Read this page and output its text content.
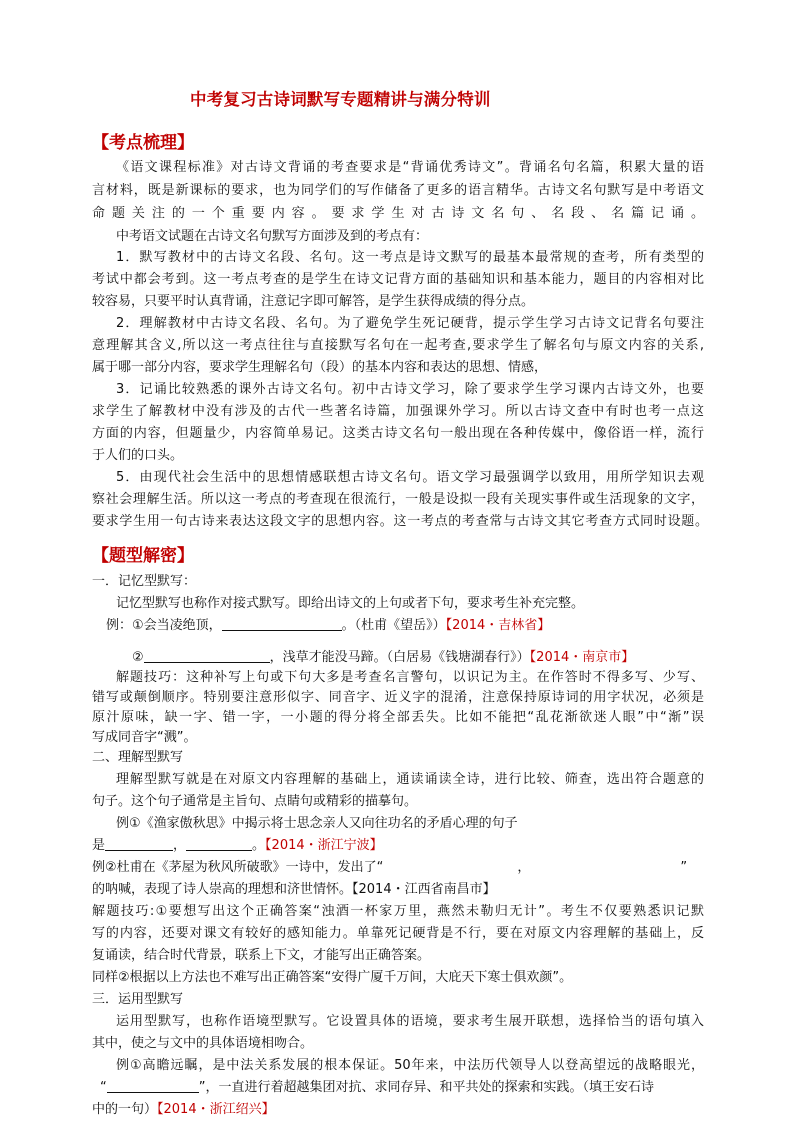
中考复习古诗词默写专题精讲与满分特训
【考点梳理】
《语文课程标准》对古诗文背诵的考查要求是“背诵优秀诗文”。背诵名句名篇，积累大量的语
言材料，既是新课标的要求，也为同学们的写作储备了更多的语言精华。古诗文名句默写是中考语文
命题关注的一个重要内容。要求学生对古诗文名句、名段、名篇记诵。
中考语文试题在古诗文名句默写方面涉及到的考点有：
1．默写教材中的古诗文名段、名句。这一考点是诗文默写的最基本最常规的查考，所有类型的
考试中都会考到。这一考点考查的是学生在诗文记背方面的基础知识和基本能力，题目的内容相对比
较容易，只要平时认真背诵，注意记字即可解答，是学生获得成绩的得分点。
2．理解教材中古诗文名段、名句。为了避免学生死记硬背，提示学生学习古诗文记背名句要注
意理解其含义,所以这一考点往往与直接默写名句在一起考查,要求学生了解名句与原文内容的关系,
属于哪一部分内容，要求学生理解名句（段）的基本内容和表达的思想、情感，
3．记诵比较熟悉的课外古诗文名句。初中古诗文学习，除了要求学生学习课内古诗文外，也要
求学生了解教材中没有涉及的古代一些著名诗篇，加强课外学习。所以古诗文查中有时也考一点这
方面的内容，但题量少，内容简单易记。这类古诗文名句一般出现在各种传媒中，像俗语一样，流行
于人们的口头。
5．由现代社会生活中的思想情感联想古诗文名句。语文学习最强调学以致用，用所学知识去观
察社会理解生活。所以这一考点的考查现在很流行，一般是设拟一段有关现实事件或生活现象的文字，
要求学生用一句古诗来表达这段文字的思想内容。这一考点的考查常与古诗文其它考查方式同时设题。
【题型解密】
一．记忆型默写：
记忆型默写也称作对接式默写。即给出诗文的上句或者下句，要求考生补充完整。
例：①会当凌绝顶，	。（杜甫《望岳》）【2014・吉林省】
②	，浅草才能没马蹄。（白居易《钱塘湖春行》）【2014・南京市】
解题技巧：这种补写上句或下句大多是考查名言警句，以识记为主。在作答时不得多写、少写、
错写或颠倒顺序。特别要注意形似字、同音字、近义字的混淆，注意保持原诗词的用字状况，必须是
原汁原味，缺一字、错一字，一小题的得分将全部丢失。比如不能把“乱花渐欲迷人眼”中“渐”误
写成同音字“溅”。
二、理解型默写
理解型默写就是在对原文内容理解的基础上，通读诵读全诗，进行比较、筛查，选出符合题意的
句子。这个句子通常是主旨句、点睛句或精彩的描摹句。
例①《渔家傲秋思》中揭示将士思念亲人又向往功名的矛盾心理的句子
是	，	。【2014・浙江宁波】
例②杜甫在《茅屋为秋风所破歌》一诗中，发出了“	，	”
的呐喊，表现了诗人崇高的理想和济世情怀。【2014・江西省南昌市】
解题技巧:①要想写出这个正确答案“浊酒一杯家万里，燕然未勒归无计”。考生不仅要熟悉识记默
写的内容，还要对课文有较好的感知能力。单靠死记硬背是不行，要在对原文内容理解的基础上，反
复诵读，结合时代背景，联系上下文，才能写出正确答案。
同样②根据以上方法也不难写出正确答案“安得广厦千万间，大庇天下寒士俱欢颜”。
三．运用型默写
运用型默写，也称作语境型默写。它设置具体的语境，要求考生展开联想，选择恰当的语句填入
其中，使之与文中的具体语境相吻合。
例①高瞻远瞩，是中法关系发展的根本保证。50年来，中法历代领导人以登高望远的战略眼光，
“	”，一直进行着超越集团对抗、求同存异、和平共处的探索和实践。（填王安石诗
中的一句）【2014・浙江绍兴】
